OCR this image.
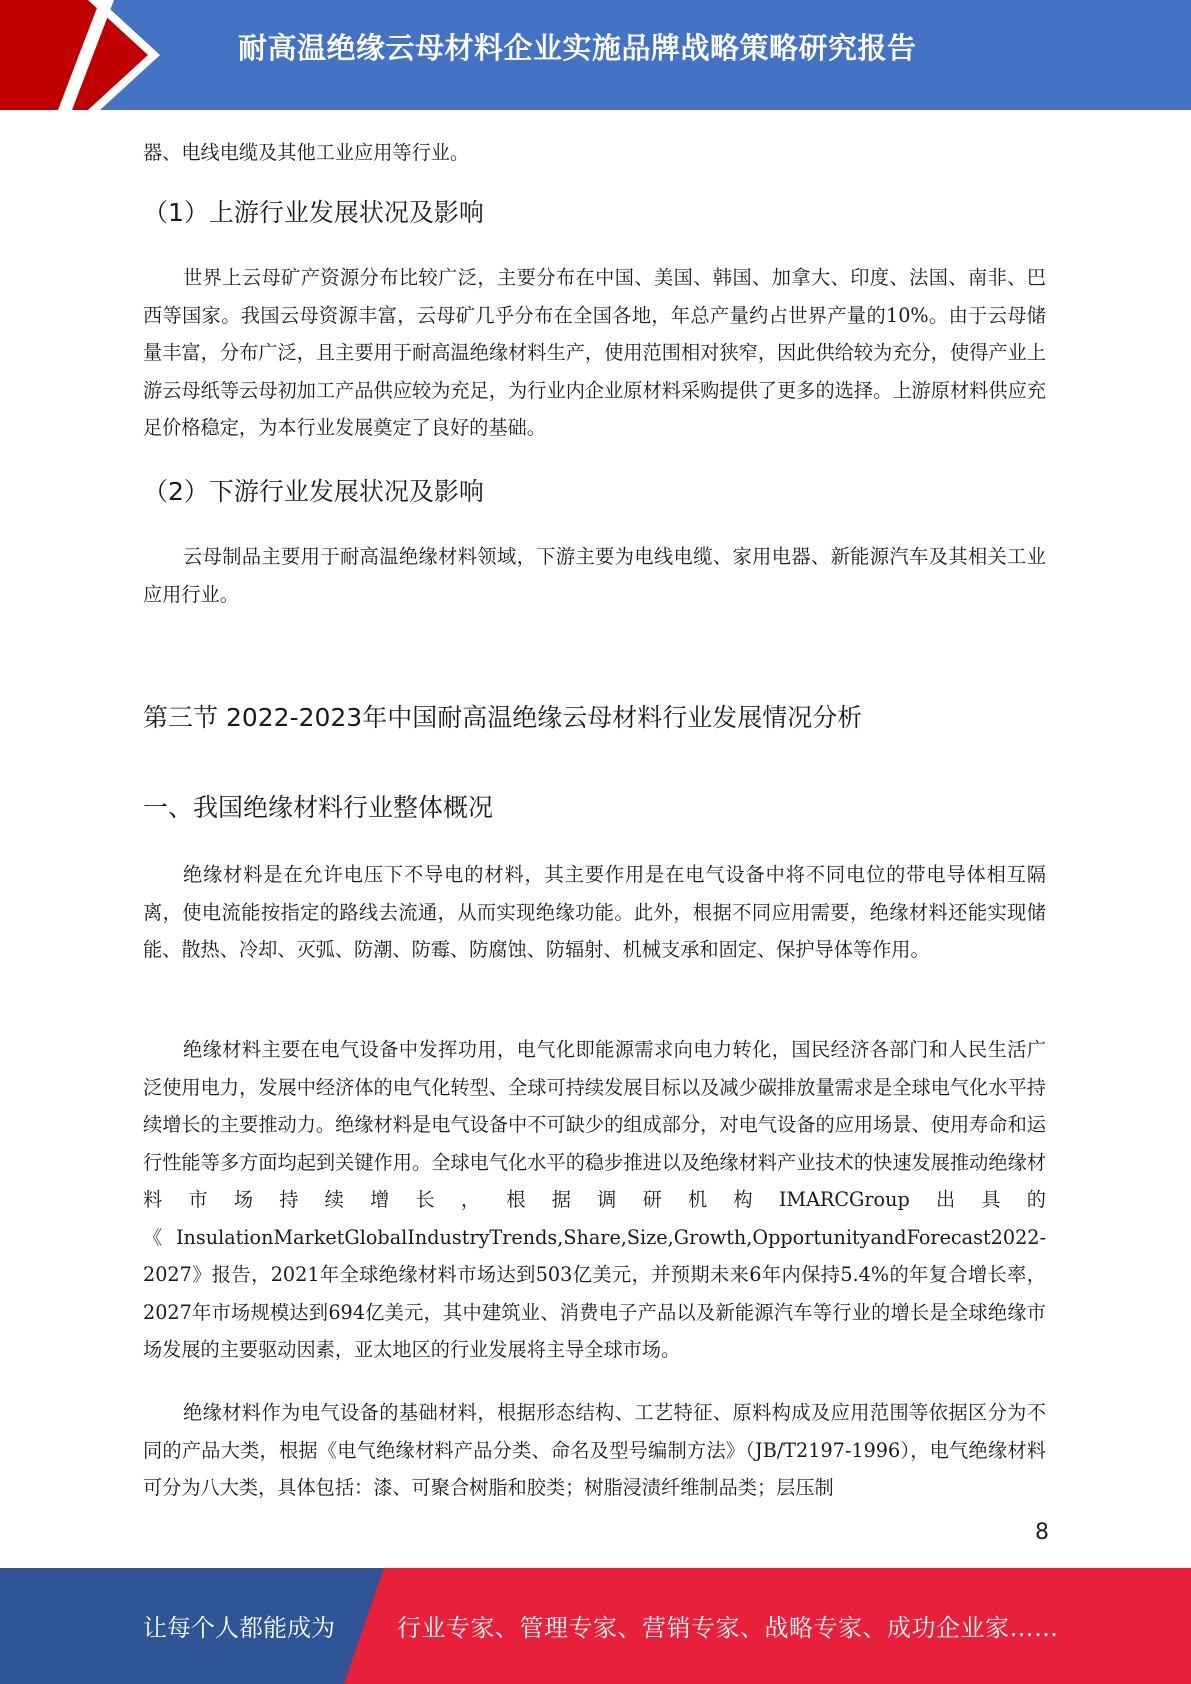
耐高温绝缘云母材料企业实施品牌战略策略研究报告

器、电线电缆及其他工业应用等行业。

（1）上游行业发展状况及影响

世界上云母矿产资源分布比较广泛，主要分布在中国、美国、韩国、加拿大、印度、法国、南非、巴西等国家。我国云母资源丰富，云母矿几乎分布在全国各地，年总产量约占世界产量的10%。由于云母储量丰富，分布广泛，且主要用于耐高温绝缘材料生产，使用范围相对狭窄，因此供给较为充分，使得产业上游云母纸等云母初加工产品供应较为充足，为行业内企业原材料采购提供了更多的选择。上游原材料供应充足价格稳定，为本行业发展奠定了良好的基础。

（2）下游行业发展状况及影响

云母制品主要用于耐高温绝缘材料领域，下游主要为电线电缆、家用电器、新能源汽车及其相关工业应用行业。

第三节 2022-2023年中国耐高温绝缘云母材料行业发展情况分析
一、我国绝缘材料行业整体概况

绝缘材料是在允许电压下不导电的材料，其主要作用是在电气设备中将不同电位的带电导体相互隔离，使电流能按指定的路线去流通，从而实现绝缘功能。此外，根据不同应用需要，绝缘材料还能实现储能、散热、冷却、灭弧、防潮、防霉、防腐蚀、防辐射、机械支承和固定、保护导体等作用。

绝缘材料主要在电气设备中发挥功用，电气化即能源需求向电力转化，国民经济各部门和人民生活广泛使用电力，发展中经济体的电气化转型、全球可持续发展目标以及减少碳排放量需求是全球电气化水平持续增长的主要推动力。绝缘材料是电气设备中不可缺少的组成部分，对电气设备的应用场景、使用寿命和运行性能等多方面均起到关键作用。全球电气化水平的稳步推进以及绝缘材料产业技术的快速发展推动绝缘材料市场持续增长，根据调研机构IMARCGroup出具的《InsulationMarketGlobalIndustryTrends,Share,Size,Growth,OpportunityandForecast2022-2027》报告，2021年全球绝缘材料市场达到503亿美元，并预期未来6年内保持5.4%的年复合增长率，2027年市场规模达到694亿美元，其中建筑业、消费电子产品以及新能源汽车等行业的增长是全球绝缘市场发展的主要驱动因素，亚太地区的行业发展将主导全球市场。

绝缘材料作为电气设备的基础材料，根据形态结构、工艺特征、原料构成及应用范围等依据区分为不同的产品大类，根据《电气绝缘材料产品分类、命名及型号编制方法》（JB/T2197-1996），电气绝缘材料可分为八大类，具体包括：漆、可聚合树脂和胶类；树脂浸渍纤维制品类；层压制

8
让每个人都能成为	行业专家、管理专家、营销专家、战略专家、成功企业家……
